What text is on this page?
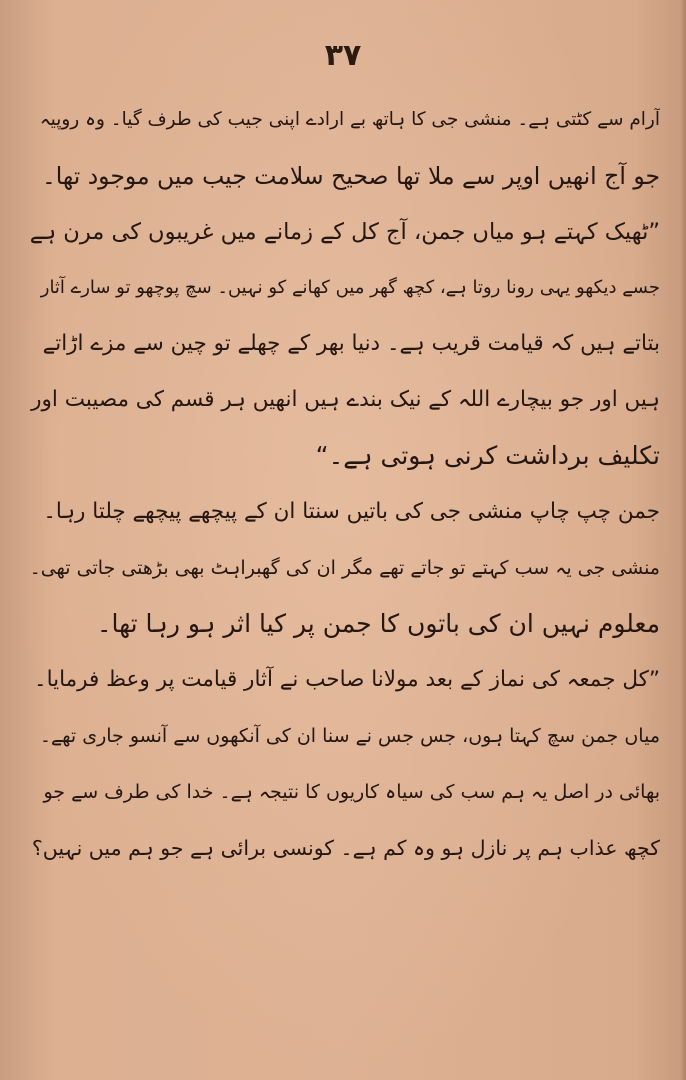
۳۷
آرام سے کٹتی ہے۔ منشی جی کا ہاتھ بے ارادے اپنی جیب کی طرف گیا۔ وہ روپیہ
جو آج انھیں اوپر سے ملا تھا صحیح سلامت جیب میں موجود تھا۔
”ٹھیک کہتے ہو میاں جمن، آج کل کے زمانے میں غریبوں کی مرن ہے
جسے دیکھو یہی رونا روتا ہے، کچھ گھر میں کھانے کو نہیں۔ سچ پوچھو تو سارے آثار
بتاتے ہیں کہ قیامت قریب ہے۔ دنیا بھر کے چھلے تو چین سے مزے اڑاتے
ہیں اور جو بیچارے اللہ کے نیک بندے ہیں انھیں ہر قسم کی مصیبت اور
تکلیف برداشت کرنی ہوتی ہے۔“
جمن چپ چاپ منشی جی کی باتیں سنتا ان کے پیچھے پیچھے چلتا رہا۔
منشی جی یہ سب کہتے تو جاتے تھے مگر ان کی گھبراہٹ بھی بڑھتی جاتی تھی۔
معلوم نہیں ان کی باتوں کا جمن پر کیا اثر ہو رہا تھا۔
”کل جمعہ کی نماز کے بعد مولانا صاحب نے آثار قیامت پر وعظ فرمایا۔
میاں جمن سچ کہتا ہوں، جس جس نے سنا ان کی آنکھوں سے آنسو جاری تھے۔
بھائی در اصل یہ ہم سب کی سیاہ کاریوں کا نتیجہ ہے۔ خدا کی طرف سے جو
کچھ عذاب ہم پر نازل ہو وہ کم ہے۔ کونسی برائی ہے جو ہم میں نہیں؟
